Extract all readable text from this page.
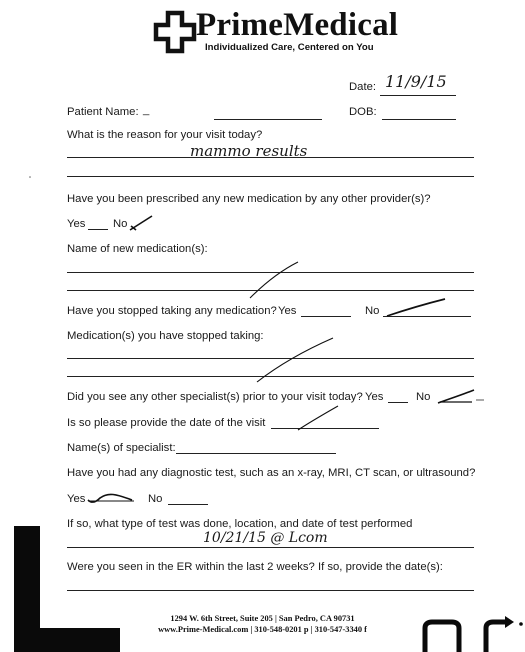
PrimeMedical
Individualized Care, Centered on You
Date: 11/9/15
Patient Name: _	DOB:
What is the reason for your visit today?
mammo results
Have you been prescribed any new medication by any other provider(s)?
Yes No
Name of new medication(s):
Have you stopped taking any medication? Yes	No
Medication(s) you have stopped taking:
Did you see any other specialist(s) prior to your visit today? Yes	No
Is so please provide the date of the visit
Name(s) of specialist:
Have you had any diagnostic test, such as an x-ray, MRI, CT scan, or ultrasound?
Yes	No
If so, what type of test was done, location, and date of test performed
10/21/15 @ Lcom
Were you seen in the ER within the last 2 weeks? If so, provide the date(s):
1294 W. 6th Street, Suite 205 | San Pedro, CA 90731
www.Prime-Medical.com | 310-548-0201 p | 310-547-3340 f
